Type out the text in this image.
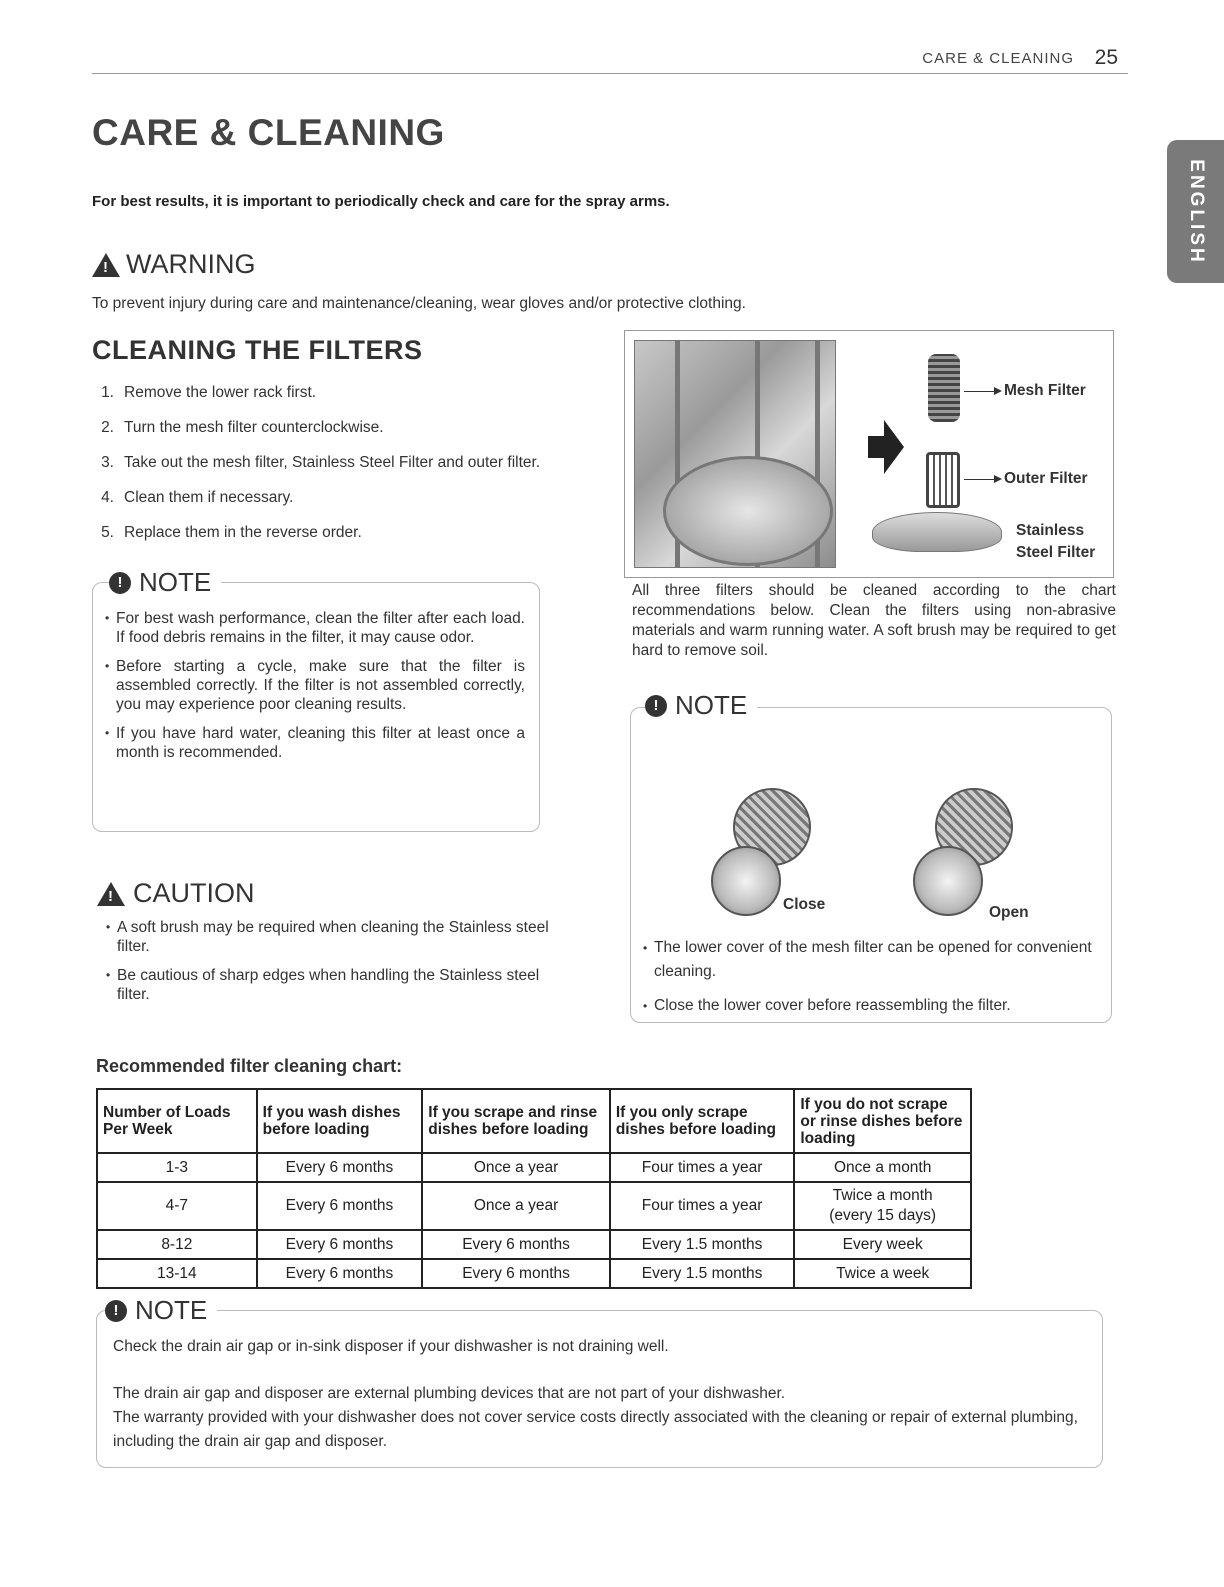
CARE & CLEANING 25
ENGLISH
CARE & CLEANING

For best results, it is important to periodically check and care for the spray arms.

!
WARNING

To prevent injury during care and maintenance/cleaning, wear gloves and/or protective clothing.

CLEANING THE FILTERS
1. Remove the lower rack first.
2. Turn the mesh filter counterclockwise.
3. Take out the mesh filter, Stainless Steel Filter and outer filter.
4. Clean them if necessary.
5. Replace them in the reverse order.
! NOTE
• For best wash performance, clean the filter after each load. If food debris remains in the filter, it may cause odor.
• Before starting a cycle, make sure that the filter is assembled correctly. If the filter is not assembled correctly, you may experience poor cleaning results.
• If you have hard water, cleaning this filter at least once a month is recommended.
!
CAUTION
• A soft brush may be required when cleaning the Stainless steel filter.
• Be cautious of sharp edges when handling the Stainless steel filter.
Mesh Filter
Outer Filter
Stainless
Steel Filter

All three filters should be cleaned according to the chart recommendations below. Clean the filters using non-abrasive materials and warm running water. A soft brush may be required to get hard to remove soil.

! NOTE
Close	Open
• The lower cover of the mesh filter can be opened for convenient cleaning.
• Close the lower cover before reassembling the filter.
Recommended filter cleaning chart:
Number of Loads Per Week	If you wash dishes before loading	If you scrape and rinse dishes before loading	If you only scrape dishes before loading	If you do not scrape or rinse dishes before loading
1-3	Every 6 months	Once a year	Four times a year	Once a month
4-7	Every 6 months	Once a year	Four times a year	Twice a month
(every 15 days)

8-12	Every 6 months	Every 6 months	Every 1.5 months	Every week
13-14	Every 6 months	Every 6 months	Every 1.5 months	Twice a week
! NOTE

Check the drain air gap or in-sink disposer if your dishwasher is not draining well.

The drain air gap and disposer are external plumbing devices that are not part of your dishwasher.

The warranty provided with your dishwasher does not cover service costs directly associated with the cleaning or repair of external plumbing, including the drain air gap and disposer.
